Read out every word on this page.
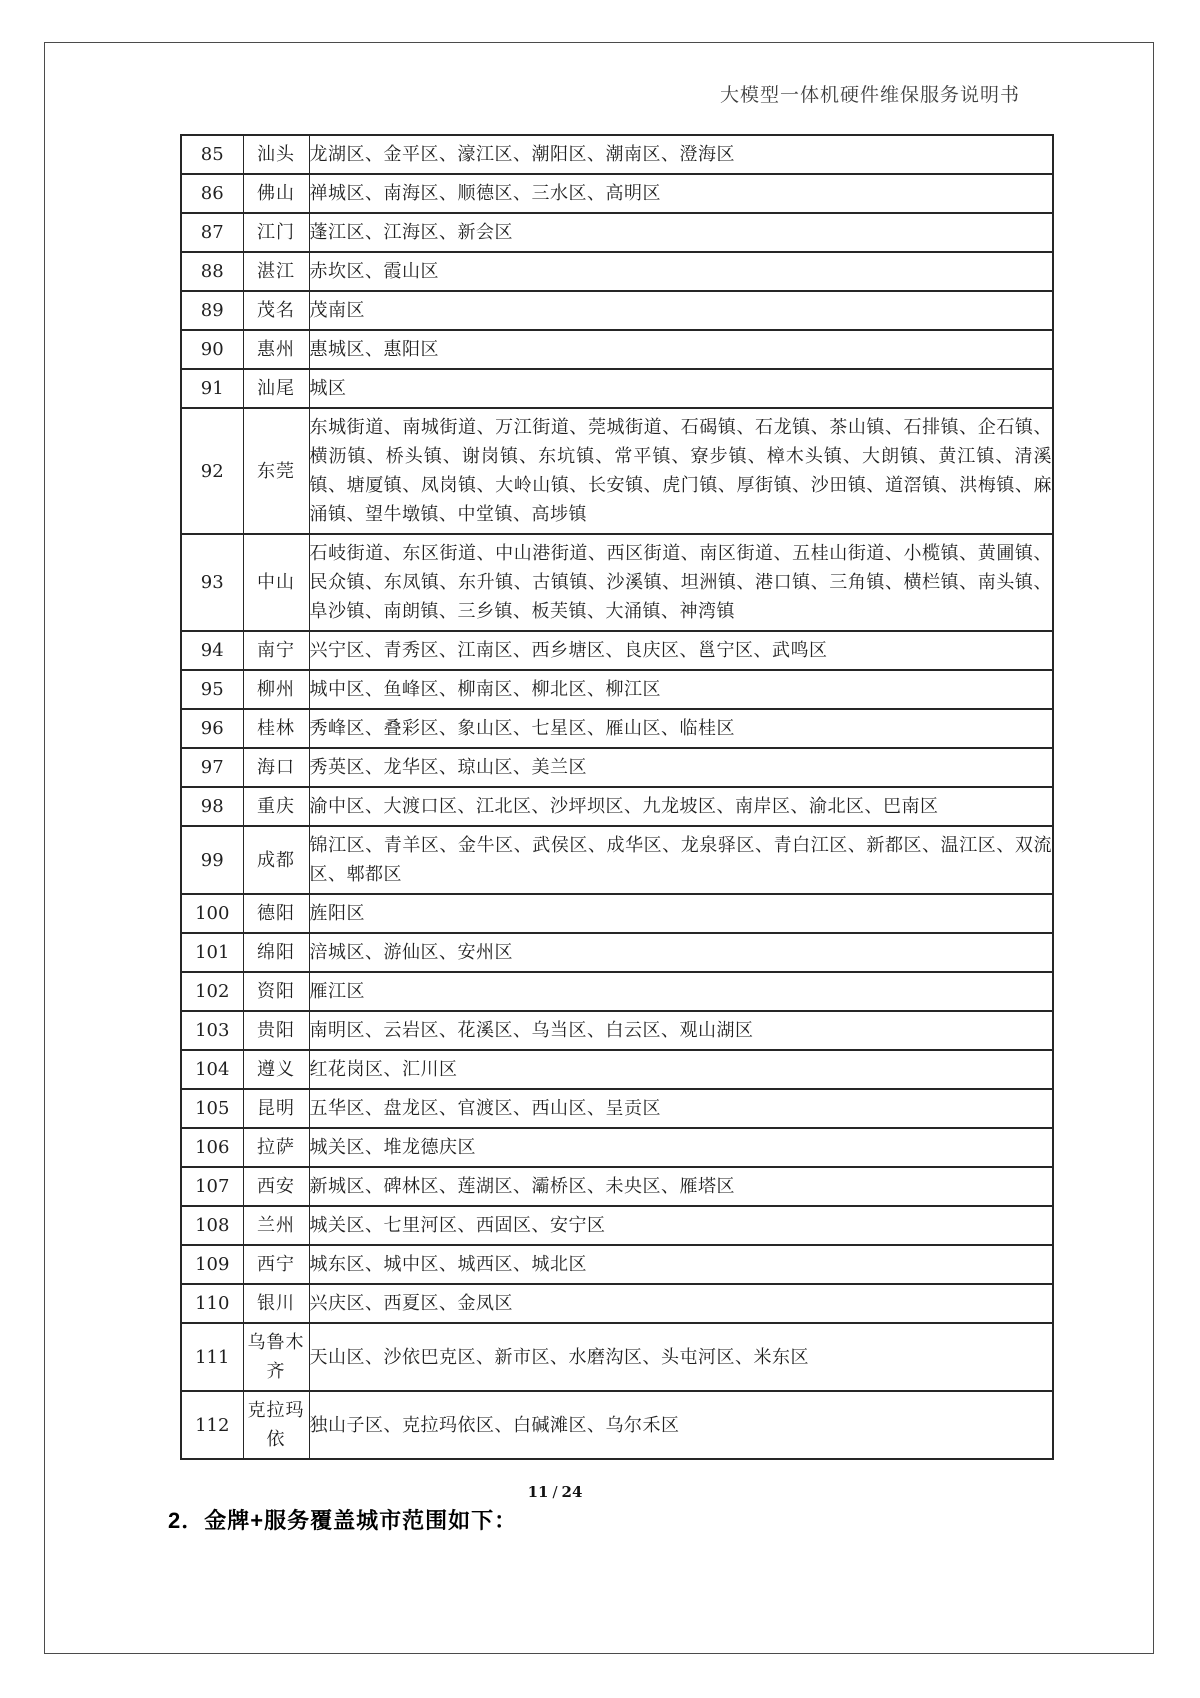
大模型一体机硬件维保服务说明书
85	汕头	龙湖区、金平区、濠江区、潮阳区、潮南区、澄海区
86	佛山	禅城区、南海区、顺德区、三水区、高明区
87	江门	蓬江区、江海区、新会区
88	湛江	赤坎区、霞山区
89	茂名	茂南区
90	惠州	惠城区、惠阳区
91	汕尾	城区
92	东莞	东城街道、南城街道、万江街道、莞城街道、石碣镇、石龙镇、茶山镇、石排镇、企石镇、横沥镇、桥头镇、谢岗镇、东坑镇、常平镇、寮步镇、樟木头镇、大朗镇、黄江镇、清溪镇、塘厦镇、凤岗镇、大岭山镇、长安镇、虎门镇、厚街镇、沙田镇、道滘镇、洪梅镇、麻涌镇、望牛墩镇、中堂镇、高埗镇
93	中山	石岐街道、东区街道、中山港街道、西区街道、南区街道、五桂山街道、小榄镇、黄圃镇、民众镇、东凤镇、东升镇、古镇镇、沙溪镇、坦洲镇、港口镇、三角镇、横栏镇、南头镇、阜沙镇、南朗镇、三乡镇、板芙镇、大涌镇、神湾镇
94	南宁	兴宁区、青秀区、江南区、西乡塘区、良庆区、邕宁区、武鸣区
95	柳州	城中区、鱼峰区、柳南区、柳北区、柳江区
96	桂林	秀峰区、叠彩区、象山区、七星区、雁山区、临桂区
97	海口	秀英区、龙华区、琼山区、美兰区
98	重庆	渝中区、大渡口区、江北区、沙坪坝区、九龙坡区、南岸区、渝北区、巴南区
99	成都	锦江区、青羊区、金牛区、武侯区、成华区、龙泉驿区、青白江区、新都区、温江区、双流区、郫都区
100	德阳	旌阳区
101	绵阳	涪城区、游仙区、安州区
102	资阳	雁江区
103	贵阳	南明区、云岩区、花溪区、乌当区、白云区、观山湖区
104	遵义	红花岗区、汇川区
105	昆明	五华区、盘龙区、官渡区、西山区、呈贡区
106	拉萨	城关区、堆龙德庆区
107	西安	新城区、碑林区、莲湖区、灞桥区、未央区、雁塔区
108	兰州	城关区、七里河区、西固区、安宁区
109	西宁	城东区、城中区、城西区、城北区
110	银川	兴庆区、西夏区、金凤区
111	乌鲁木齐	天山区、沙依巴克区、新市区、水磨沟区、头屯河区、米东区
112	克拉玛依	独山子区、克拉玛依区、白碱滩区、乌尔禾区
2．金牌+服务覆盖城市范围如下：
11 / 24
